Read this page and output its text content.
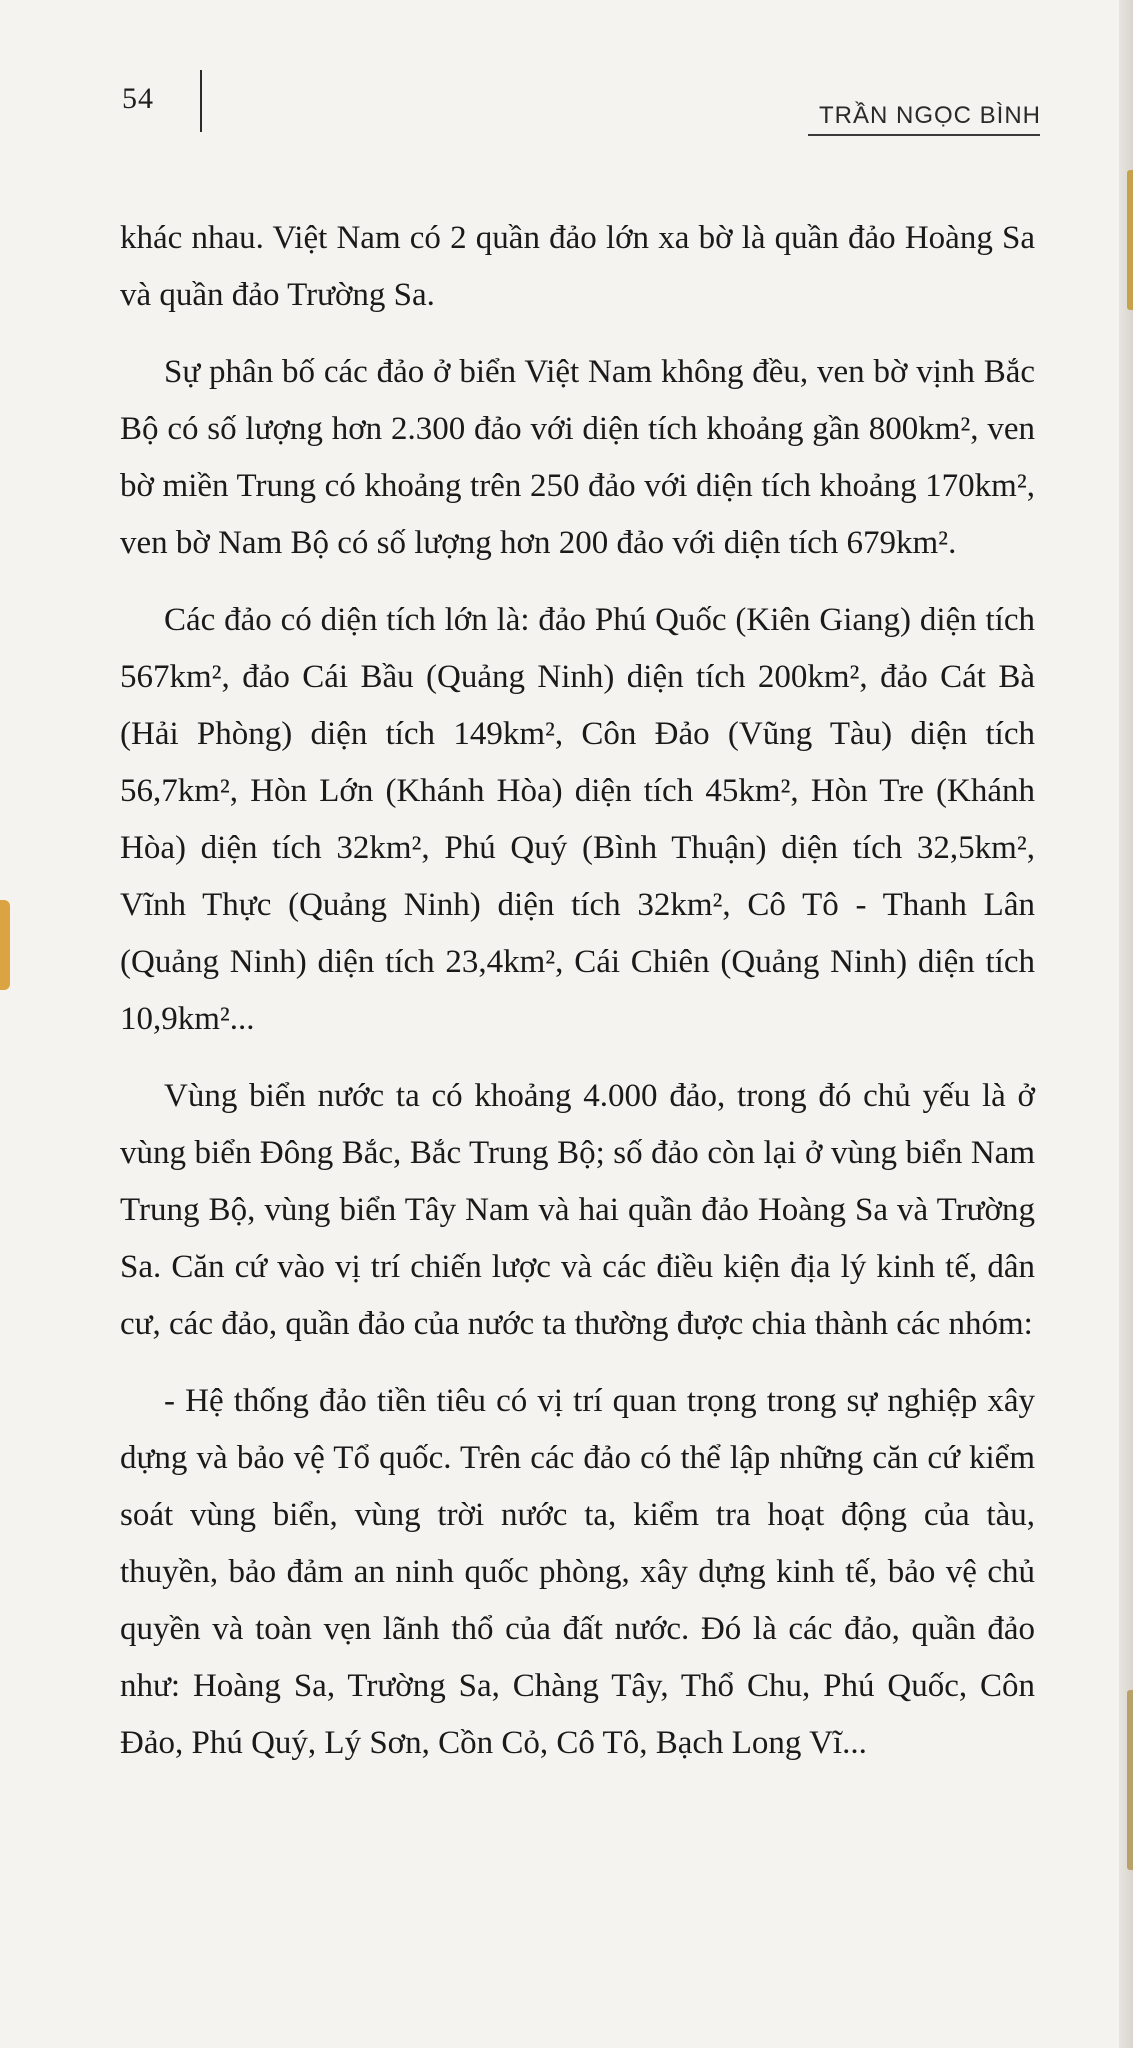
54
TRẦN NGỌC BÌNH

khác nhau. Việt Nam có 2 quần đảo lớn xa bờ là quần đảo Hoàng Sa và quần đảo Trường Sa.

Sự phân bố các đảo ở biển Việt Nam không đều, ven bờ vịnh Bắc Bộ có số lượng hơn 2.300 đảo với diện tích khoảng gần 800km², ven bờ miền Trung có khoảng trên 250 đảo với diện tích khoảng 170km², ven bờ Nam Bộ có số lượng hơn 200 đảo với diện tích 679km².

Các đảo có diện tích lớn là: đảo Phú Quốc (Kiên Giang) diện tích 567km², đảo Cái Bầu (Quảng Ninh) diện tích 200km², đảo Cát Bà (Hải Phòng) diện tích 149km², Côn Đảo (Vũng Tàu) diện tích 56,7km², Hòn Lớn (Khánh Hòa) diện tích 45km², Hòn Tre (Khánh Hòa) diện tích 32km², Phú Quý (Bình Thuận) diện tích 32,5km², Vĩnh Thực (Quảng Ninh) diện tích 32km², Cô Tô - Thanh Lân (Quảng Ninh) diện tích 23,4km², Cái Chiên (Quảng Ninh) diện tích 10,9km²...

Vùng biển nước ta có khoảng 4.000 đảo, trong đó chủ yếu là ở vùng biển Đông Bắc, Bắc Trung Bộ; số đảo còn lại ở vùng biển Nam Trung Bộ, vùng biển Tây Nam và hai quần đảo Hoàng Sa và Trường Sa. Căn cứ vào vị trí chiến lược và các điều kiện địa lý kinh tế, dân cư, các đảo, quần đảo của nước ta thường được chia thành các nhóm:

- Hệ thống đảo tiền tiêu có vị trí quan trọng trong sự nghiệp xây dựng và bảo vệ Tổ quốc. Trên các đảo có thể lập những căn cứ kiểm soát vùng biển, vùng trời nước ta, kiểm tra hoạt động của tàu, thuyền, bảo đảm an ninh quốc phòng, xây dựng kinh tế, bảo vệ chủ quyền và toàn vẹn lãnh thổ của đất nước. Đó là các đảo, quần đảo như: Hoàng Sa, Trường Sa, Chàng Tây, Thổ Chu, Phú Quốc, Côn Đảo, Phú Quý, Lý Sơn, Cồn Cỏ, Cô Tô, Bạch Long Vĩ...
